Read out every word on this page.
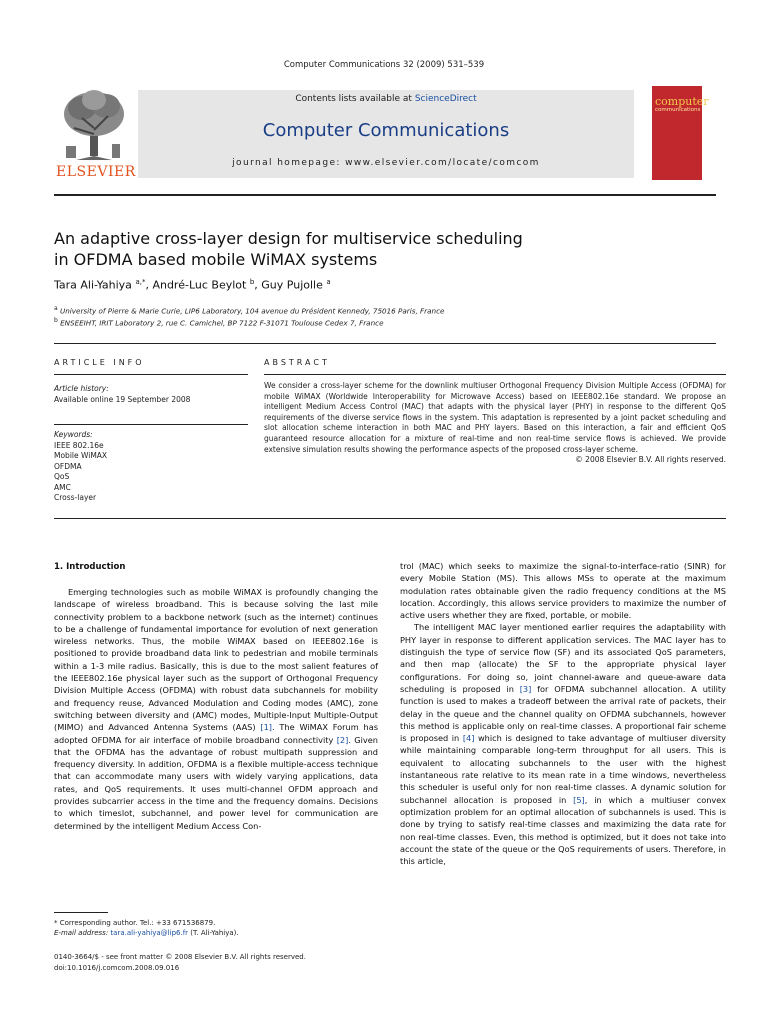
Computer Communications 32 (2009) 531–539
ELSEVIER
Contents lists available at ScienceDirect
Computer Communications
journal homepage: www.elsevier.com/locate/comcom
computer
communications
An adaptive cross-layer design for multiservice scheduling
in OFDMA based mobile WiMAX systems
Tara Ali-Yahiya $^{a,*}$, André-Luc Beylot $^b$, Guy Pujolle $^a$
$^a$ University of Pierre & Marie Curie, LIP6 Laboratory, 104 avenue du Président Kennedy, 75016 Paris, France
$^b$ ENSEEIHT, IRIT Laboratory 2, rue C. Camichel, BP 7122 F-31071 Toulouse Cedex 7, France
ARTICLE INFO	ABSTRACT
Article history:
Available online 19 September 2008
Keywords:
IEEE 802.16e
Mobile WiMAX
OFDMA
QoS
AMC
Cross-layer
We consider a cross-layer scheme for the downlink multiuser Orthogonal Frequency Division Multiple Access (OFDMA) for mobile WiMAX (Worldwide Interoperability for Microwave Access) based on IEEE802.16e standard. We propose an intelligent Medium Access Control (MAC) that adapts with the physical layer (PHY) in response to the different QoS requirements of the diverse service flows in the system. This adaptation is represented by a joint packet scheduling and slot allocation scheme interaction in both MAC and PHY layers. Based on this interaction, a fair and efficient QoS guaranteed resource allocation for a mixture of real-time and non real-time service flows is achieved. We provide extensive simulation results showing the performance aspects of the proposed cross-layer scheme.
© 2008 Elsevier B.V. All rights reserved.
1. Introduction

Emerging technologies such as mobile WiMAX is profoundly changing the landscape of wireless broadband. This is because solving the last mile connectivity problem to a backbone network (such as the internet) continues to be a challenge of fundamental importance for evolution of next generation wireless networks. Thus, the mobile WiMAX based on IEEE802.16e is positioned to provide broadband data link to pedestrian and mobile terminals within a 1-3 mile radius. Basically, this is due to the most salient features of the IEEE802.16e physical layer such as the support of Orthogonal Frequency Division Multiple Access (OFDMA) with robust data subchannels for mobility and frequency reuse, Advanced Modulation and Coding modes (AMC), zone switching between diversity and (AMC) modes, Multiple-Input Multiple-Output (MIMO) and Advanced Antenna Systems (AAS) [1]. The WiMAX Forum has adopted OFDMA for air interface of mobile broadband connectivity [2]. Given that the OFDMA has the advantage of robust multipath suppression and frequency diversity. In addition, OFDMA is a flexible multiple-access technique that can accommodate many users with widely varying applications, data rates, and QoS requirements. It uses multi-channel OFDM approach and provides subcarrier access in the time and the frequency domains. Decisions to which timeslot, subchannel, and power level for communication are determined by the intelligent Medium Access Con-

trol (MAC) which seeks to maximize the signal-to-interface-ratio (SINR) for every Mobile Station (MS). This allows MSs to operate at the maximum modulation rates obtainable given the radio frequency conditions at the MS location. Accordingly, this allows service providers to maximize the number of active users whether they are fixed, portable, or mobile.

The intelligent MAC layer mentioned earlier requires the adaptability with PHY layer in response to different application services. The MAC layer has to distinguish the type of service flow (SF) and its associated QoS parameters, and then map (allocate) the SF to the appropriate physical layer configurations. For doing so, joint channel-aware and queue-aware data scheduling is proposed in [3] for OFDMA subchannel allocation. A utility function is used to makes a tradeoff between the arrival rate of packets, their delay in the queue and the channel quality on OFDMA subchannels, however this method is applicable only on real-time classes. A proportional fair scheme is proposed in [4] which is designed to take advantage of multiuser diversity while maintaining comparable long-term throughput for all users. This is equivalent to allocating subchannels to the user with the highest instantaneous rate relative to its mean rate in a time windows, nevertheless this scheduler is useful only for non real-time classes. A dynamic solution for subchannel allocation is proposed in [5], in which a multiuser convex optimization problem for an optimal allocation of subchannels is used. This is done by trying to satisfy real-time classes and maximizing the data rate for non real-time classes. Even, this method is optimized, but it does not take into account the state of the queue or the QoS requirements of users. Therefore, in this article,

* Corresponding author. Tel.: +33 671536879.
E-mail address: tara.ali-yahiya@lip6.fr (T. Ali-Yahiya).
0140-3664/$ - see front matter © 2008 Elsevier B.V. All rights reserved.
doi:10.1016/j.comcom.2008.09.016
